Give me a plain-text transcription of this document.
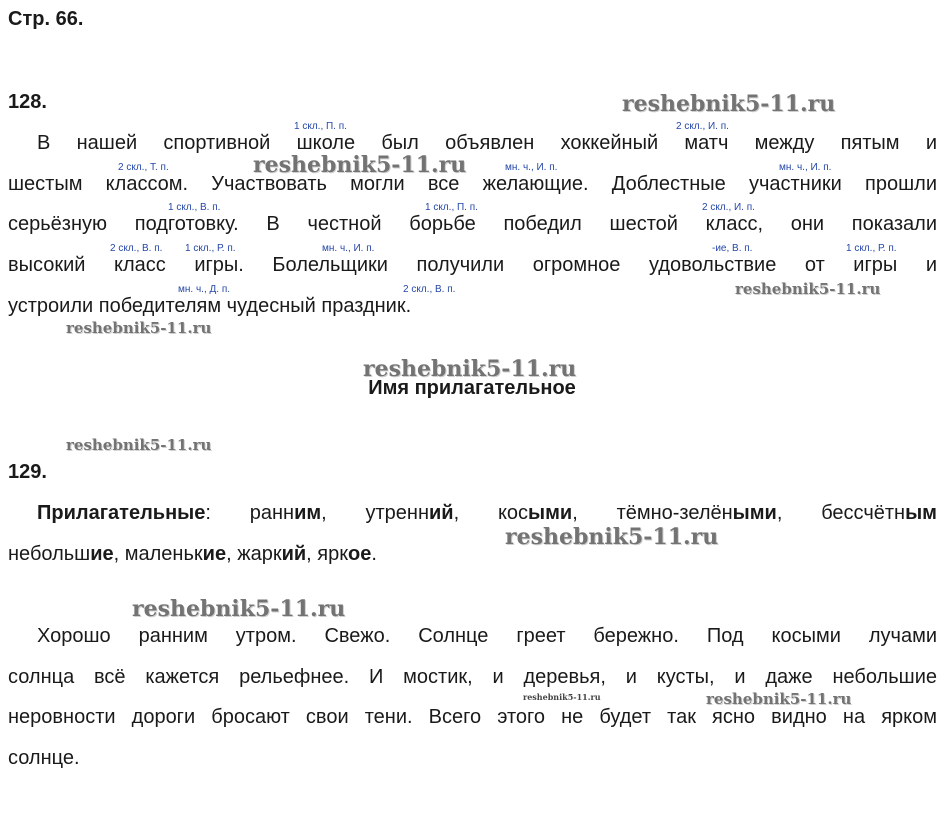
Стр. 66.
128.
1 скл., П. п.	2 скл., И. п.
В нашей спортивной школе был объявлен хоккейный матч между пятым и
2 скл., Т. п.	мн. ч., И. п.	мн. ч., И. п.
шестым классом. Участвовать могли все желающие. Доблестные участники прошли
1 скл., В. п.	1 скл., П. п.	2 скл., И. п.
серьёзную подготовку. В честной борьбе победил шестой класс, они показали
2 скл., В. п. 1 скл., Р. п.	мн. ч., И. п.	-ие, В. п.	1 скл., Р. п.
высокий класс игры. Болельщики получили огромное удовольствие от игры и
мн. ч., Д. п.	2 скл., В. п.
устроили победителям чудесный праздник.
Имя прилагательное
129.
Прилагательные: ранним, утренний, косыми, тёмно-зелёными, бессчётным
небольшие, маленькие, жаркий, яркое.
Хорошо ранним утром. Свежо. Солнце греет бережно. Под косыми лучами
солнца всё кажется рельефнее. И мостик, и деревья, и кусты, и даже небольшие
неровности дороги бросают свои тени. Всего этого не будет так ясно видно на ярком
солнце.
reshebnik5-11.ru
reshebnik5-11.ru
reshebnik5-11.ru
reshebnik5-11.ru
reshebnik5-11.ru
reshebnik5-11.ru
reshebnik5-11.ru
reshebnik5-11.ru
reshebnik5-11.ru	reshebnik5-11.ru
